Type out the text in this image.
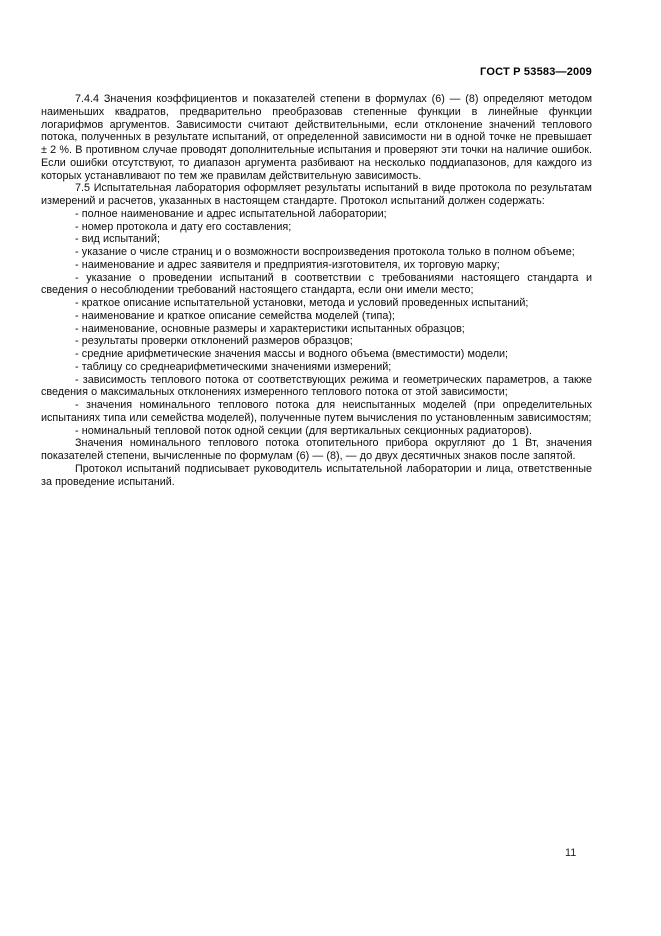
ГОСТ Р 53583—2009

7.4.4 Значения коэффициентов и показателей степени в формулах (6) — (8) определяют методом наименьших квадратов, предварительно преобразовав степенные функции в линейные функции логарифмов аргументов. Зависимости считают действительными, если отклонение значений теплового потока, полученных в результате испытаний, от определенной зависимости ни в одной точке не превышает ± 2 %. В противном случае проводят дополнительные испытания и проверяют эти точки на наличие ошибок. Если ошибки отсутствуют, то диапазон аргумента разбивают на несколько поддиапазонов, для каждого из которых устанавливают по тем же правилам действительную зависимость.

7.5 Испытательная лаборатория оформляет результаты испытаний в виде протокола по результатам измерений и расчетов, указанных в настоящем стандарте. Протокол испытаний должен содержать:

- полное наименование и адрес испытательной лаборатории;

- номер протокола и дату его составления;

- вид испытаний;

- указание о числе страниц и о возможности воспроизведения протокола только в полном объеме;

- наименование и адрес заявителя и предприятия-изготовителя, их торговую марку;

- указание о проведении испытаний в соответствии с требованиями настоящего стандарта и сведения о несоблюдении требований настоящего стандарта, если они имели место;

- краткое описание испытательной установки, метода и условий проведенных испытаний;

- наименование и краткое описание семейства моделей (типа);

- наименование, основные размеры и характеристики испытанных образцов;

- результаты проверки отклонений размеров образцов;

- средние арифметические значения массы и водного объема (вместимости) модели;

- таблицу со среднеарифметическими значениями измерений;

- зависимость теплового потока от соответствующих режима и геометрических параметров, а также сведения о максимальных отклонениях измеренного теплового потока от этой зависимости;

- значения номинального теплового потока для неиспытанных моделей (при определительных испытаниях типа или семейства моделей), полученные путем вычисления по установленным зависимостям;

- номинальный тепловой поток одной секции (для вертикальных секционных радиаторов).

Значения номинального теплового потока отопительного прибора округляют до 1 Вт, значения показателей степени, вычисленные по формулам (6) — (8), — до двух десятичных знаков после запятой.

Протокол испытаний подписывает руководитель испытательной лаборатории и лица, ответственные за проведение испытаний.

11
